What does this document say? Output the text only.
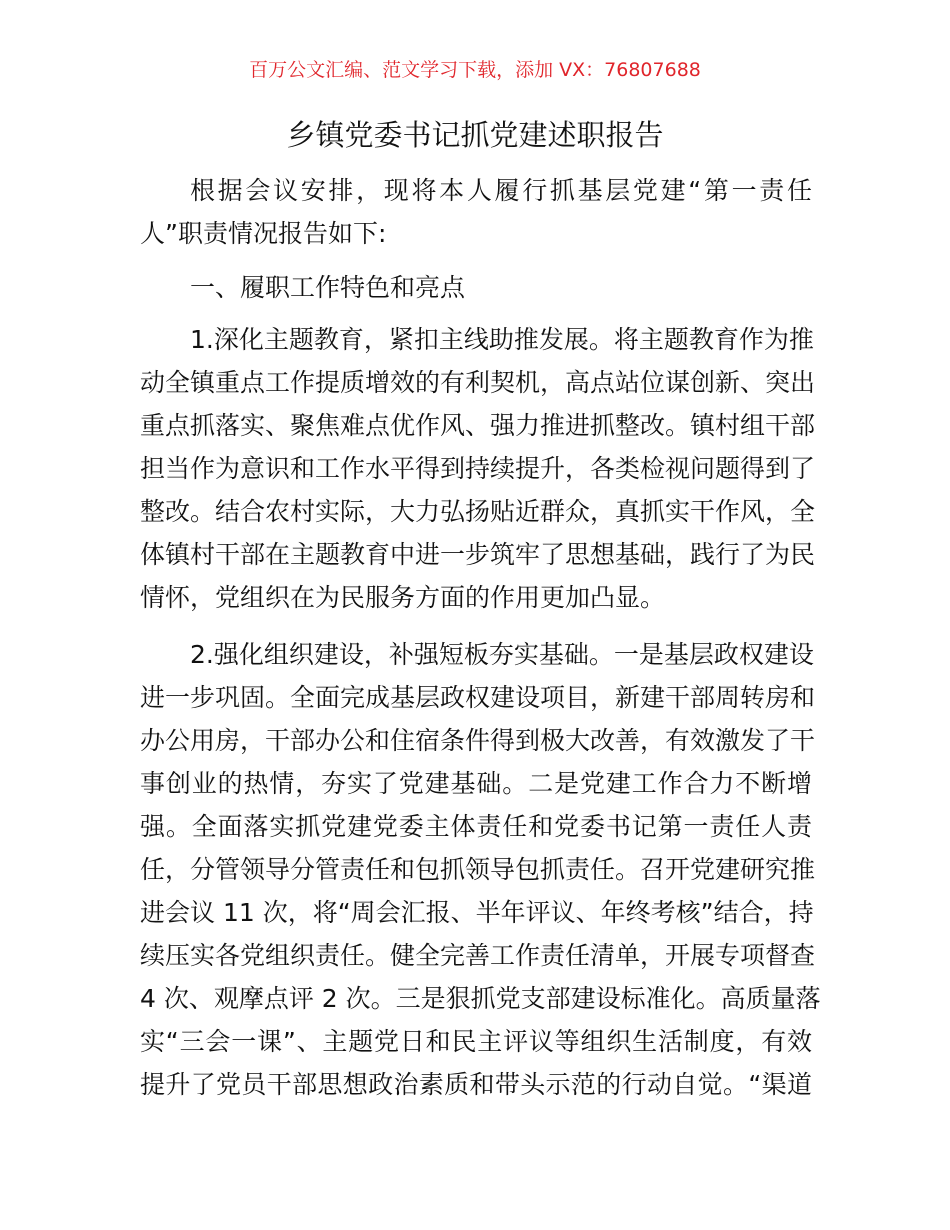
百万公文汇编、范文学习下载，添加 VX：76807688
乡镇党委书记抓党建述职报告
根据会议安排，现将本人履行抓基层党建“第一责任
人”职责情况报告如下:
一、履职工作特色和亮点
1.深化主题教育，紧扣主线助推发展。将主题教育作为推
动全镇重点工作提质增效的有利契机，高点站位谋创新、突出
重点抓落实、聚焦难点优作风、强力推进抓整改。镇村组干部
担当作为意识和工作水平得到持续提升，各类检视问题得到了
整改。结合农村实际，大力弘扬贴近群众，真抓实干作风，全
体镇村干部在主题教育中进一步筑牢了思想基础，践行了为民
情怀，党组织在为民服务方面的作用更加凸显。
2.强化组织建设，补强短板夯实基础。一是基层政权建设
进一步巩固。全面完成基层政权建设项目，新建干部周转房和
办公用房，干部办公和住宿条件得到极大改善，有效激发了干
事创业的热情，夯实了党建基础。二是党建工作合力不断增
强。全面落实抓党建党委主体责任和党委书记第一责任人责
任，分管领导分管责任和包抓领导包抓责任。召开党建研究推
进会议 11 次，将“周会汇报、半年评议、年终考核”结合，持
续压实各党组织责任。健全完善工作责任清单，开展专项督查
4 次、观摩点评 2 次。三是狠抓党支部建设标准化。高质量落
实“三会一课”、主题党日和民主评议等组织生活制度，有效
提升了党员干部思想政治素质和带头示范的行动自觉。“渠道
